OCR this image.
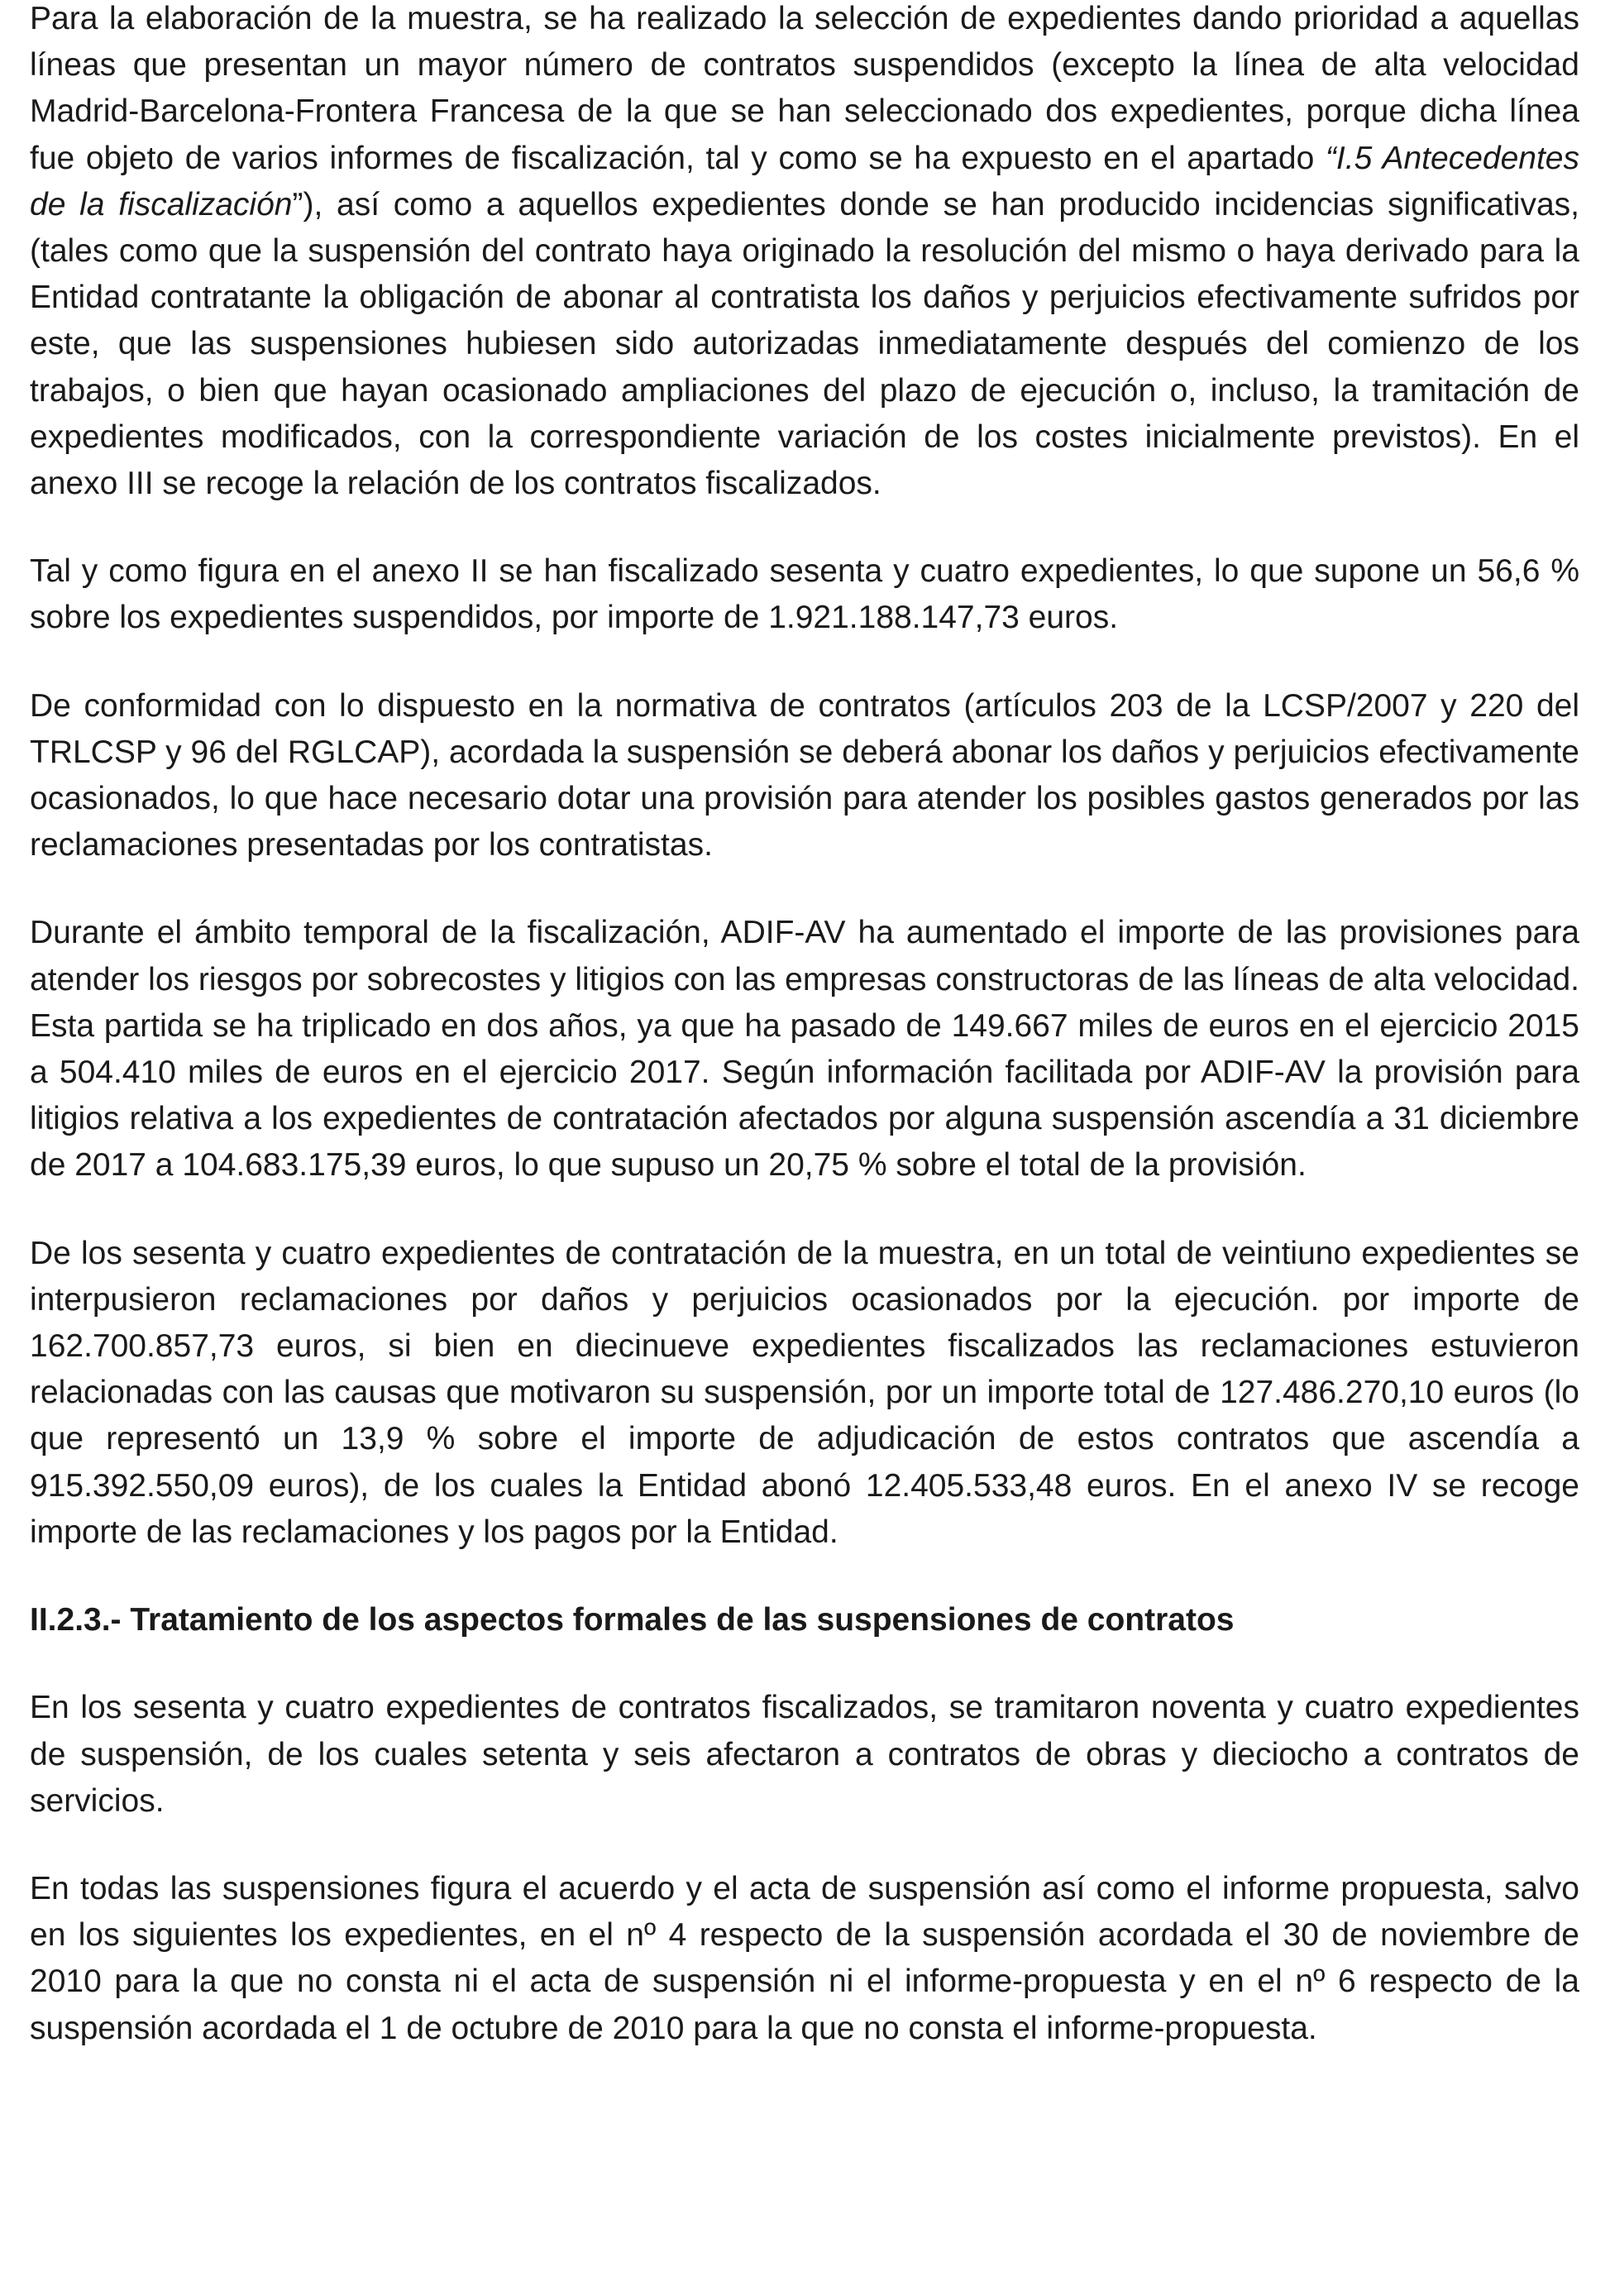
Para la elaboración de la muestra, se ha realizado la selección de expedientes dando prioridad a aquellas líneas que presentan un mayor número de contratos suspendidos (excepto la línea de alta velocidad Madrid-Barcelona-Frontera Francesa de la que se han seleccionado dos expedientes, porque dicha línea fue objeto de varios informes de fiscalización, tal y como se ha expuesto en el apartado “I.5 Antecedentes de la fiscalización”), así como a aquellos expedientes donde se han producido incidencias significativas, (tales como que la suspensión del contrato haya originado la resolución del mismo o haya derivado para la Entidad contratante la obligación de abonar al contratista los daños y perjuicios efectivamente sufridos por este, que las suspensiones hubiesen sido autorizadas inmediatamente después del comienzo de los trabajos, o bien que hayan ocasionado ampliaciones del plazo de ejecución o, incluso, la tramitación de expedientes modificados, con la correspondiente variación de los costes inicialmente previstos). En el anexo III se recoge la relación de los contratos fiscalizados.

Tal y como figura en el anexo II se han fiscalizado sesenta y cuatro expedientes, lo que supone un 56,6 % sobre los expedientes suspendidos, por importe de 1.921.188.147,73 euros.

De conformidad con lo dispuesto en la normativa de contratos (artículos 203 de la LCSP/2007 y 220 del TRLCSP y 96 del RGLCAP), acordada la suspensión se deberá abonar los daños y perjuicios efectivamente ocasionados, lo que hace necesario dotar una provisión para atender los posibles gastos generados por las reclamaciones presentadas por los contratistas.

Durante el ámbito temporal de la fiscalización, ADIF-AV ha aumentado el importe de las provisiones para atender los riesgos por sobrecostes y litigios con las empresas constructoras de las líneas de alta velocidad. Esta partida se ha triplicado en dos años, ya que ha pasado de 149.667 miles de euros en el ejercicio 2015 a 504.410 miles de euros en el ejercicio 2017. Según información facilitada por ADIF-AV la provisión para litigios relativa a los expedientes de contratación afectados por alguna suspensión ascendía a 31 diciembre de 2017 a 104.683.175,39 euros, lo que supuso un 20,75 % sobre el total de la provisión.

De los sesenta y cuatro expedientes de contratación de la muestra, en un total de veintiuno expedientes se interpusieron reclamaciones por daños y perjuicios ocasionados por la ejecución. por importe de 162.700.857,73 euros, si bien en diecinueve expedientes fiscalizados las reclamaciones estuvieron relacionadas con las causas que motivaron su suspensión, por un importe total de 127.486.270,10 euros (lo que representó un 13,9 % sobre el importe de adjudicación de estos contratos que ascendía a 915.392.550,09 euros), de los cuales la Entidad abonó 12.405.533,48 euros. En el anexo IV se recoge importe de las reclamaciones y los pagos por la Entidad.

II.2.3.- Tratamiento de los aspectos formales de las suspensiones de contratos

En los sesenta y cuatro expedientes de contratos fiscalizados, se tramitaron noventa y cuatro expedientes de suspensión, de los cuales setenta y seis afectaron a contratos de obras y dieciocho a contratos de servicios.

En todas las suspensiones figura el acuerdo y el acta de suspensión así como el informe propuesta, salvo en los siguientes los expedientes, en el nº 4 respecto de la suspensión acordada el 30 de noviembre de 2010 para la que no consta ni el acta de suspensión ni el informe-propuesta y en el nº 6 respecto de la suspensión acordada el 1 de octubre de 2010 para la que no consta el informe-propuesta.
